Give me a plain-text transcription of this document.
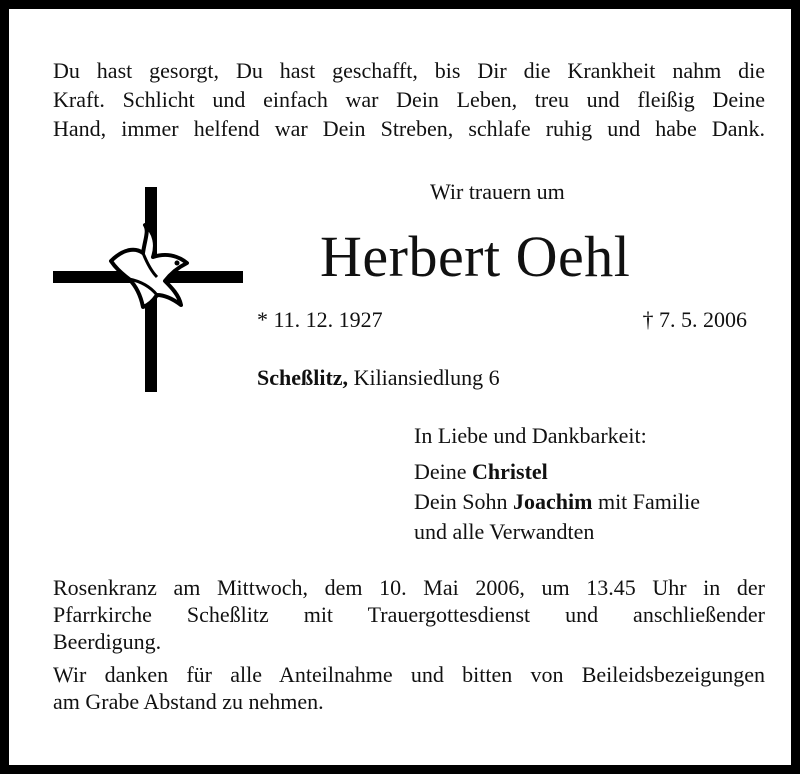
Du hast gesorgt, Du hast geschafft, bis Dir die Krankheit nahm die
Kraft. Schlicht und einfach war Dein Leben, treu und fleißig Deine
Hand, immer helfend war Dein Streben, schlafe ruhig und habe Dank.
Wir trauern um
Herbert Oehl
* 11. 12. 1927	† 7. 5. 2006
Scheßlitz, Kiliansiedlung 6
In Liebe und Dankbarkeit:
Deine Christel
Dein Sohn Joachim mit Familie
und alle Verwandten

Rosenkranz am Mittwoch, dem 10. Mai 2006, um 13.45 Uhr in der
Pfarrkirche Scheßlitz mit Trauergottesdienst und anschließender
Beerdigung.

Wir danken für alle Anteilnahme und bitten von Beileidsbezeigungen
am Grabe Abstand zu nehmen.
